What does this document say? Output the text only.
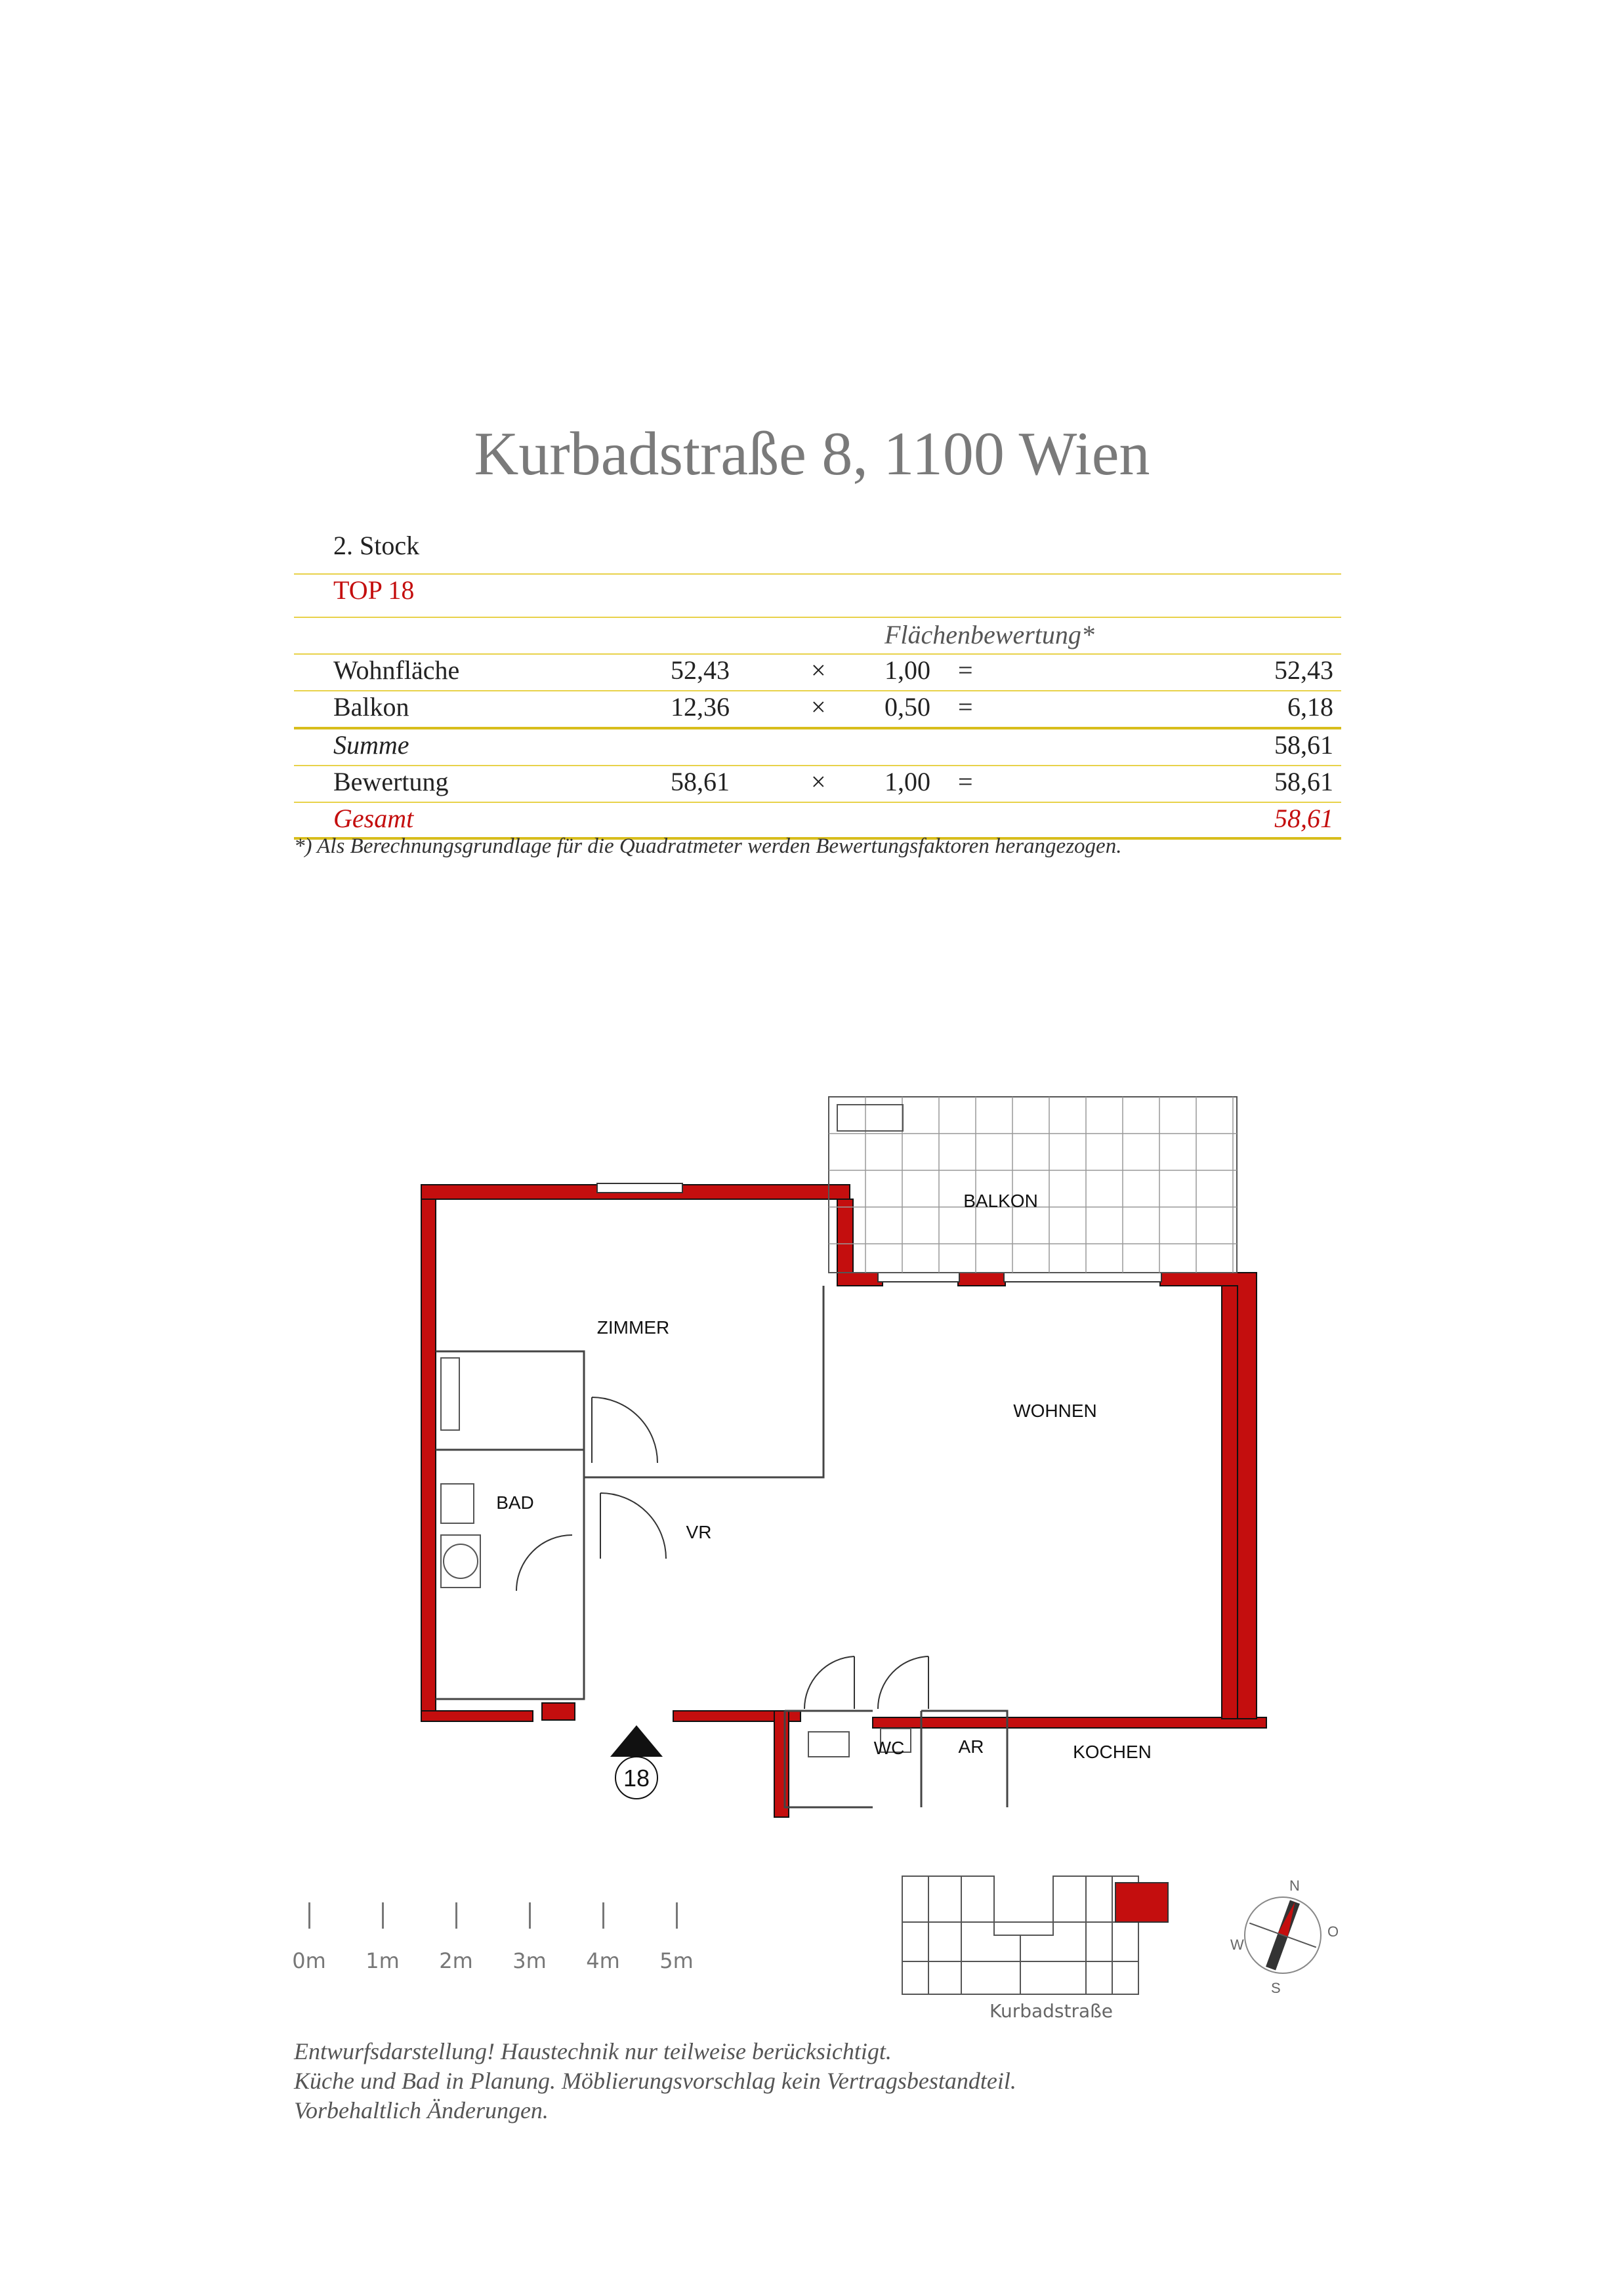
Kurbadstraße 8, 1100 Wien
2. Stock
TOP 18
Flächenbewertung*
Wohnfläche	52,43	× 1,00 =	52,43
Balkon	12,36	× 0,50 =	6,18
Summe	58,61
Bewertung	58,61	× 1,00 =	58,61
Gesamt	58,61
*) Als Berechnungsgrundlage für die Quadratmeter werden Bewertungsfaktoren herangezogen.
BALKON
ZIMMER
WOHNEN
BAD
VR
WC	AR	KOCHEN
18
0m 1m 2m 3m 4m 5m
Kurbadstraße
N
O
S
W
Entwurfsdarstellung! Haustechnik nur teilweise berücksichtigt.
Küche und Bad in Planung. Möblierungsvorschlag kein Vertragsbestandteil.
Vorbehaltlich Änderungen.
